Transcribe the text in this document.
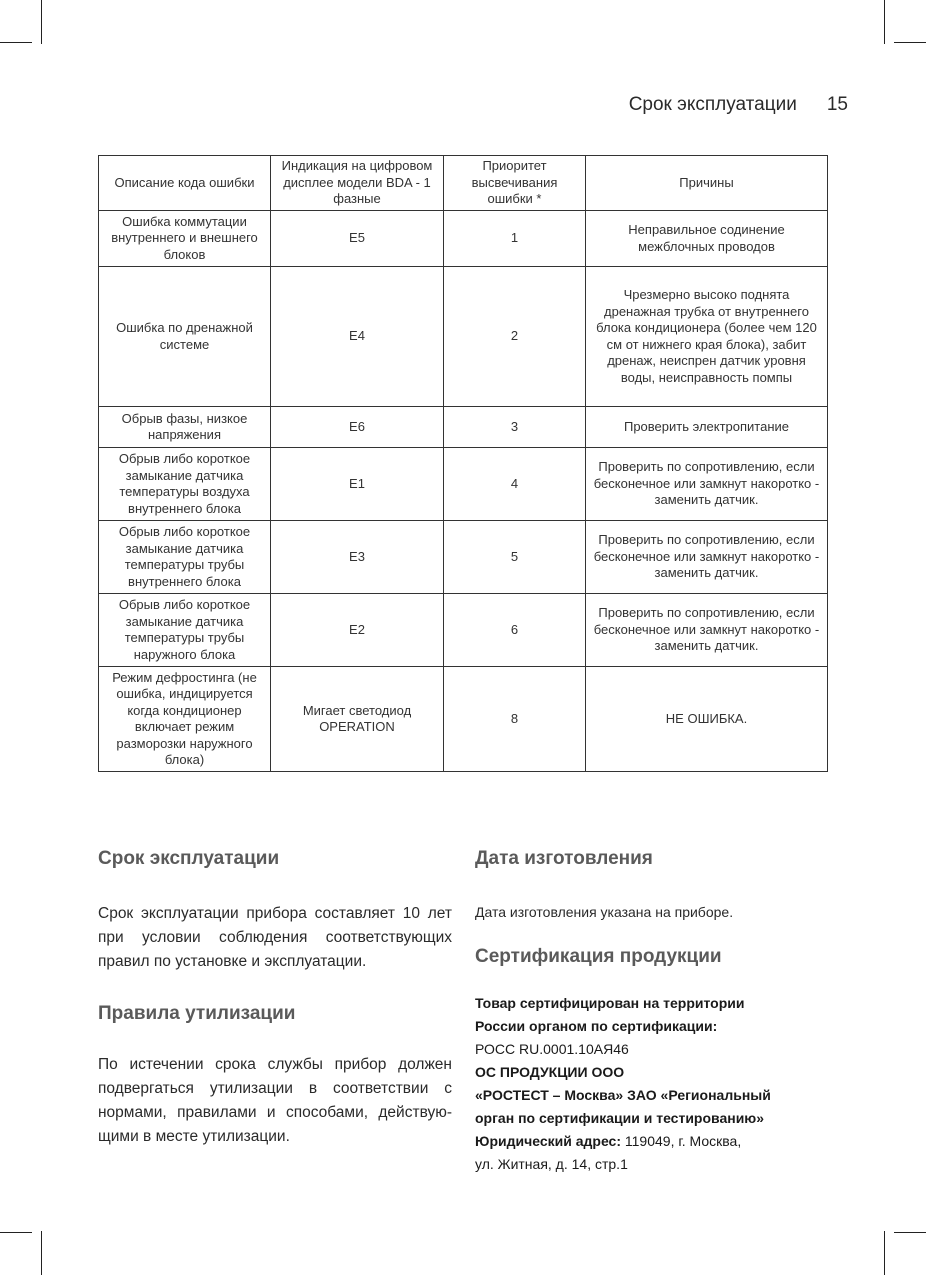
Срок эксплуатации 15
Описание кода ошибки	Индикация на цифровом дисплее модели BDA - 1 фазные	Приоритет высвечивания ошибки *	Причины
Ошибка коммутации внутреннего и внешнего блоков	E5	1	Неправильное содинение межблочных проводов
Ошибка по дренажной системе	E4	2	Чрезмерно высоко поднята дренажная трубка от внутреннего блока кондиционера (более чем 120 см от нижнего края блока), забит дренаж, неиспрен датчик уровня воды, неисправность помпы
Обрыв фазы, низкое напряжения	E6	3	Проверить электропитание
Обрыв либо короткое замыкание датчика температуры воздуха внутреннего блока	E1	4	Проверить по сопротивлению, если бесконечное или замкнут накоротко - заменить датчик.
Обрыв либо короткое замыкание датчика температуры трубы внутреннего блока	E3	5	Проверить по сопротивлению, если бесконечное или замкнут накоротко - заменить датчик.
Обрыв либо короткое замыкание датчика температуры трубы наружного блока	E2	6	Проверить по сопротивлению, если бесконечное или замкнут накоротко - заменить датчик.
Режим дефростинга (не ошибка, индицируется когда кондиционер включает режим разморозки наружного блока)	Мигает светодиод OPERATION	8	НЕ ОШИБКА.
Срок эксплуатации

Срок эксплуатации прибора составляет 10 лет при условии соблюдения соответствующих правил по установке и эксплуатации.

Правила утилизации

По истечении срока службы прибор должен подвергаться утилизации в соответствии с нормами, правилами и способами, действую-щими в месте утилизации.

Дата изготовления

Дата изготовления указана на приборе.

Сертификация продукции
Товар сертифицирован на территории
России органом по сертификации:
РОСС RU.0001.10АЯ46
ОС ПРОДУКЦИИ ООО
«РОСТЕСТ – Москва» ЗАО «Региональный
орган по сертификации и тестированию»
Юридический адрес: 119049, г. Москва,
ул. Житная, д. 14, стр.1
